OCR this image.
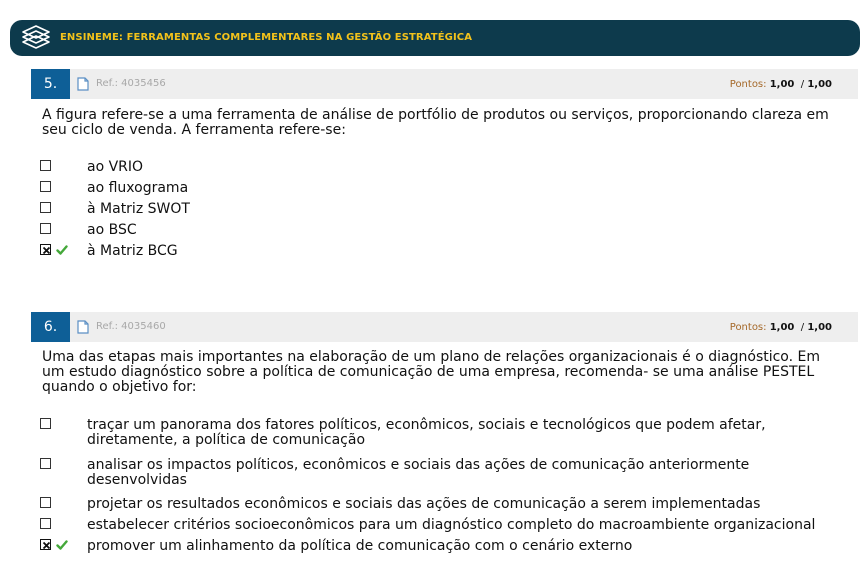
ENSINEME: FERRAMENTAS COMPLEMENTARES NA GESTÃO ESTRATÉGICA
5.	Ref.: 4035456	Pontos: 1,00 / 1,00
A figura refere-se a uma ferramenta de análise de portfólio de produtos ou serviços, proporcionando clareza em seu ciclo de venda. A ferramenta refere-se:
ao VRIO
ao fluxograma
à Matriz SWOT
ao BSC
à Matriz BCG
6.	Ref.: 4035460	Pontos: 1,00 / 1,00
Uma das etapas mais importantes na elaboração de um plano de relações organizacionais é o diagnóstico. Em um estudo diagnóstico sobre a política de comunicação de uma empresa, recomenda- se uma análise PESTEL quando o objetivo for:
traçar um panorama dos fatores políticos, econômicos, sociais e tecnológicos que podem afetar, diretamente, a política de comunicação
analisar os impactos políticos, econômicos e sociais das ações de comunicação anteriormente desenvolvidas
projetar os resultados econômicos e sociais das ações de comunicação a serem implementadas
estabelecer critérios socioeconômicos para um diagnóstico completo do macroambiente organizacional
promover um alinhamento da política de comunicação com o cenário externo
